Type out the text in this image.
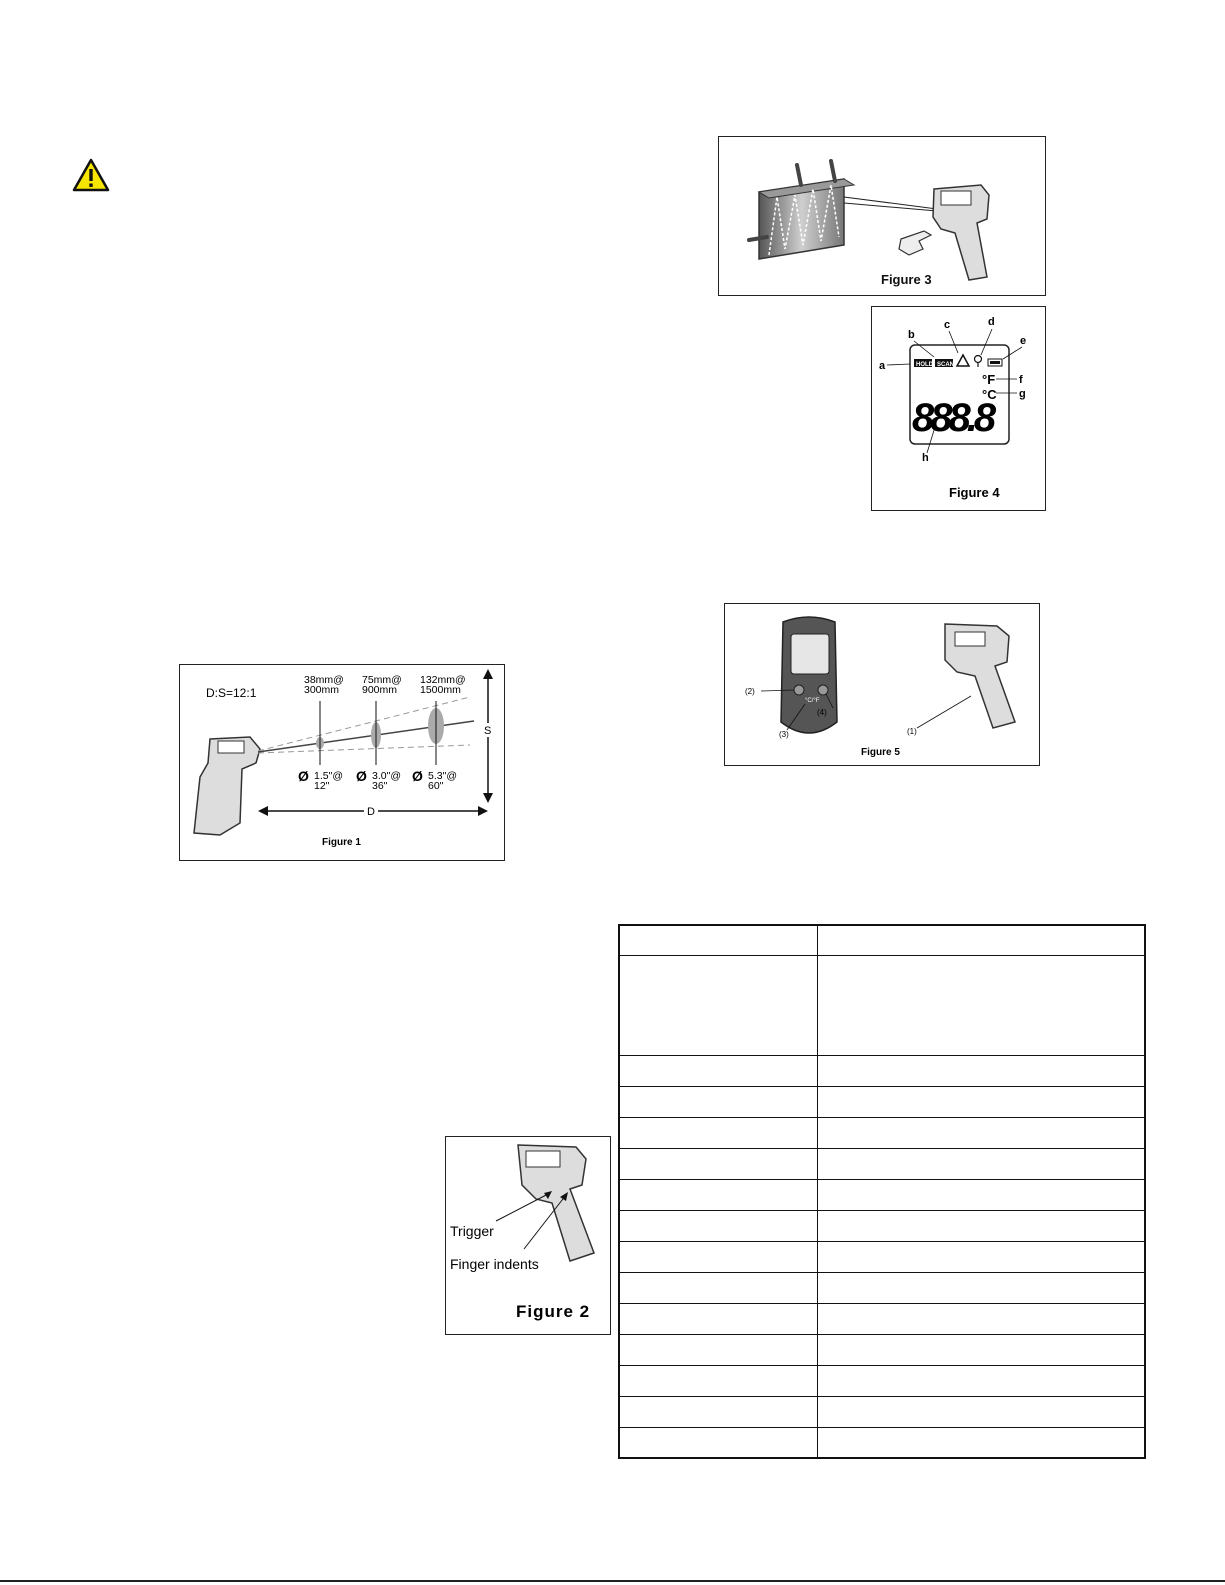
Figure 3
a
b
c	d
e
f
g
h
HOLD SCAN
°F
°C
888.8
Figure 4
°C/°F
(2)
(4)
(3)	(1)
Figure 5
D:S=12:1
38mm@
300mm
75mm@
900mm
132mm@
1500mm
Ø 1.5"@
12"
Ø 3.0"@
36"
Ø 5.3"@
60"
S
D
Figure 1
Trigger
Finger indents
Figure 2
